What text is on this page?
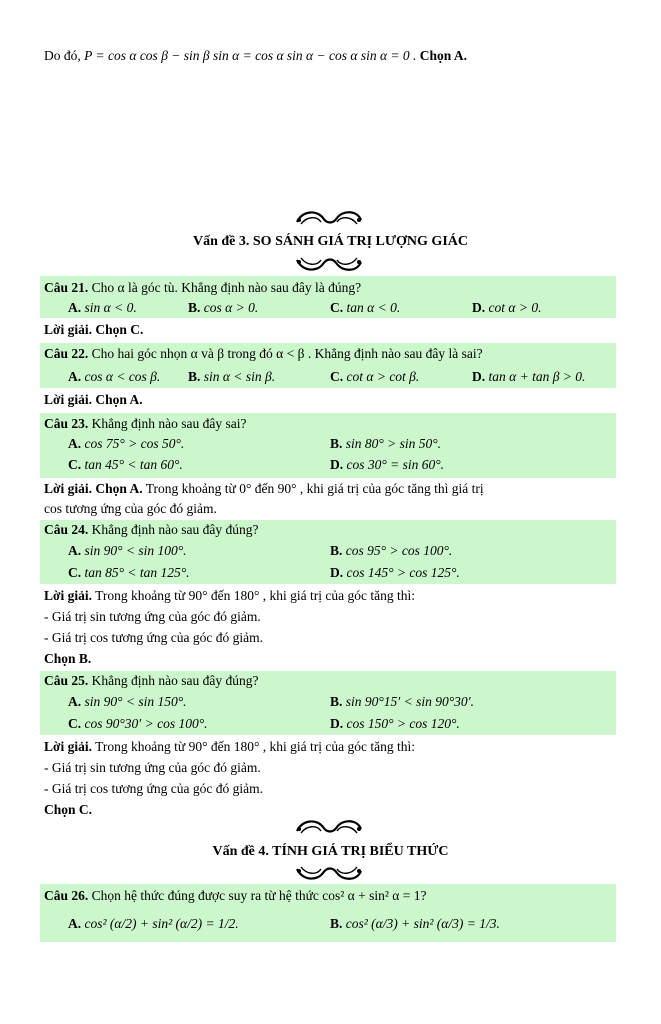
Do đó, P = cos α cos β − sin β sin α = cos α sin α − cos α sin α = 0 . Chọn A.
Vấn đề 3. SO SÁNH GIÁ TRỊ LƯỢNG GIÁC
Câu 21. Cho α là góc tù. Khẳng định nào sau đây là đúng?
A. sin α < 0.	B. cos α > 0.	C. tan α < 0.	D. cot α > 0.
Lời giải. Chọn C.
Câu 22. Cho hai góc nhọn α và β trong đó α < β . Khẳng định nào sau đây là sai?
A. cos α < cos β. B. sin α < sin β.	C. cot α > cot β.	D. tan α + tan β > 0.
Lời giải. Chọn A.
Câu 23. Khẳng định nào sau đây sai?
A. cos 75° > cos 50°.	B. sin 80° > sin 50°.
C. tan 45° < tan 60°.	D. cos 30° = sin 60°.
Lời giải. Chọn A. Trong khoảng từ 0° đến 90° , khi giá trị của góc tăng thì giá trị
cos tương ứng của góc đó giảm.
Câu 24. Khẳng định nào sau đây đúng?
A. sin 90° < sin 100°.	B. cos 95° > cos 100°.
C. tan 85° < tan 125°.	D. cos 145° > cos 125°.
Lời giải. Trong khoảng từ 90° đến 180° , khi giá trị của góc tăng thì:
- Giá trị sin tương ứng của góc đó giảm.
- Giá trị cos tương ứng của góc đó giảm.
Chọn B.
Câu 25. Khẳng định nào sau đây đúng?
A. sin 90° < sin 150°.	B. sin 90°15′ < sin 90°30′.
C. cos 90°30′ > cos 100°.	D. cos 150° > cos 120°.
Lời giải. Trong khoảng từ 90° đến 180° , khi giá trị của góc tăng thì:
- Giá trị sin tương ứng của góc đó giảm.
- Giá trị cos tương ứng của góc đó giảm.
Chọn C.
Vấn đề 4. TÍNH GIÁ TRỊ BIỂU THỨC
Câu 26. Chọn hệ thức đúng được suy ra từ hệ thức cos² α + sin² α = 1?
A. cos² (α/2) + sin² (α/2) = 1/2.	B. cos² (α/3) + sin² (α/3) = 1/3.
